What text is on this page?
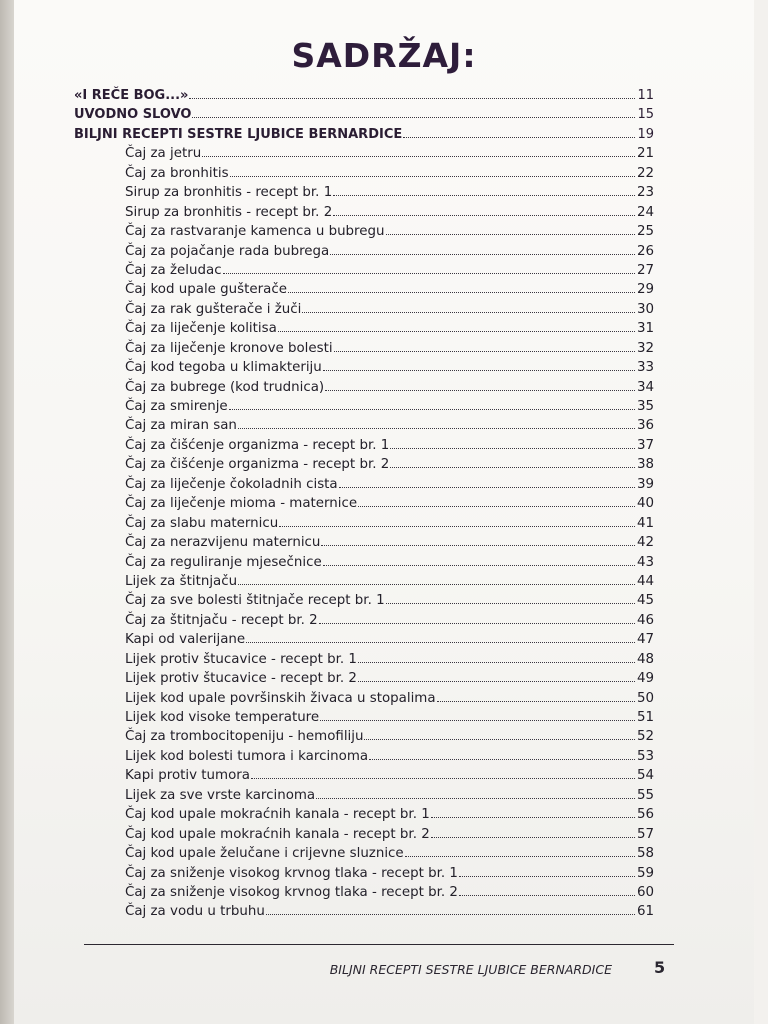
SADRŽAJ:
«I REČE BOG...»	11
UVODNO SLOVO	15
BILJNI RECEPTI SESTRE LJUBICE BERNARDICE	19
Čaj za jetru	21
Čaj za bronhitis	22
Sirup za bronhitis - recept br. 1	23
Sirup za bronhitis - recept br. 2	24
Čaj za rastvaranje kamenca u bubregu	25
Čaj za pojačanje rada bubrega	26
Čaj za želudac	27
Čaj kod upale gušterače	29
Čaj za rak gušterače i žuči	30
Čaj za liječenje kolitisa	31
Čaj za liječenje kronove bolesti	32
Čaj kod tegoba u klimakteriju	33
Čaj za bubrege (kod trudnica)	34
Čaj za smirenje	35
Čaj za miran san	36
Čaj za čišćenje organizma - recept br. 1	37
Čaj za čišćenje organizma - recept br. 2	38
Čaj za liječenje čokoladnih cista	39
Čaj za liječenje mioma - maternice	40
Čaj za slabu maternicu	41
Čaj za nerazvijenu maternicu	42
Čaj za reguliranje mjesečnice	43
Lijek za štitnjaču	44
Čaj za sve bolesti štitnjače recept br. 1	45
Čaj za štitnjaču - recept br. 2	46
Kapi od valerijane	47
Lijek protiv štucavice - recept br. 1	48
Lijek protiv štucavice - recept br. 2	49
Lijek kod upale površinskih živaca u stopalima	50
Lijek kod visoke temperature	51
Čaj za trombocitopeniju - hemofiliju	52
Lijek kod bolesti tumora i karcinoma	53
Kapi protiv tumora	54
Lijek za sve vrste karcinoma	55
Čaj kod upale mokraćnih kanala - recept br. 1	56
Čaj kod upale mokraćnih kanala - recept br. 2	57
Čaj kod upale želučane i crijevne sluznice	58
Čaj za sniženje visokog krvnog tlaka - recept br. 1	59
Čaj za sniženje visokog krvnog tlaka - recept br. 2	60
Čaj za vodu u trbuhu	61
BILJNI RECEPTI SESTRE LJUBICE BERNARDICE	5
